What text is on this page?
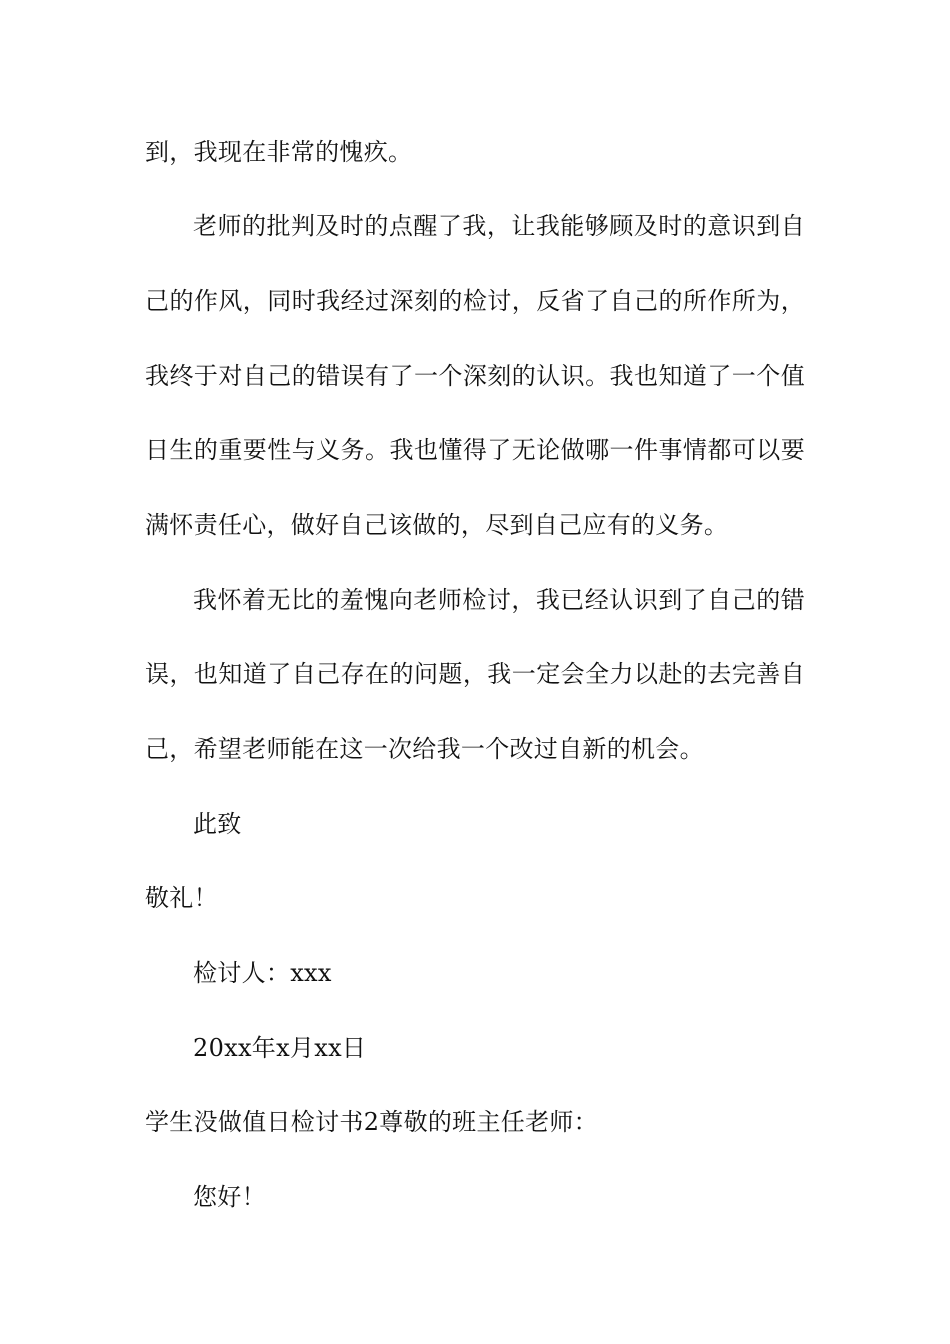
到，我现在非常的愧疚。
老师的批判及时的点醒了我，让我能够顾及时的意识到自
己的作风，同时我经过深刻的检讨，反省了自己的所作所为，
我终于对自己的错误有了一个深刻的认识。我也知道了一个值
日生的重要性与义务。我也懂得了无论做哪一件事情都可以要
满怀责任心，做好自己该做的，尽到自己应有的义务。
我怀着无比的羞愧向老师检讨，我已经认识到了自己的错
误，也知道了自己存在的问题，我一定会全力以赴的去完善自
己，希望老师能在这一次给我一个改过自新的机会。
此致
敬礼！
检讨人：xxx
20xx年x月xx日
学生没做值日检讨书2尊敬的班主任老师：
您好！
